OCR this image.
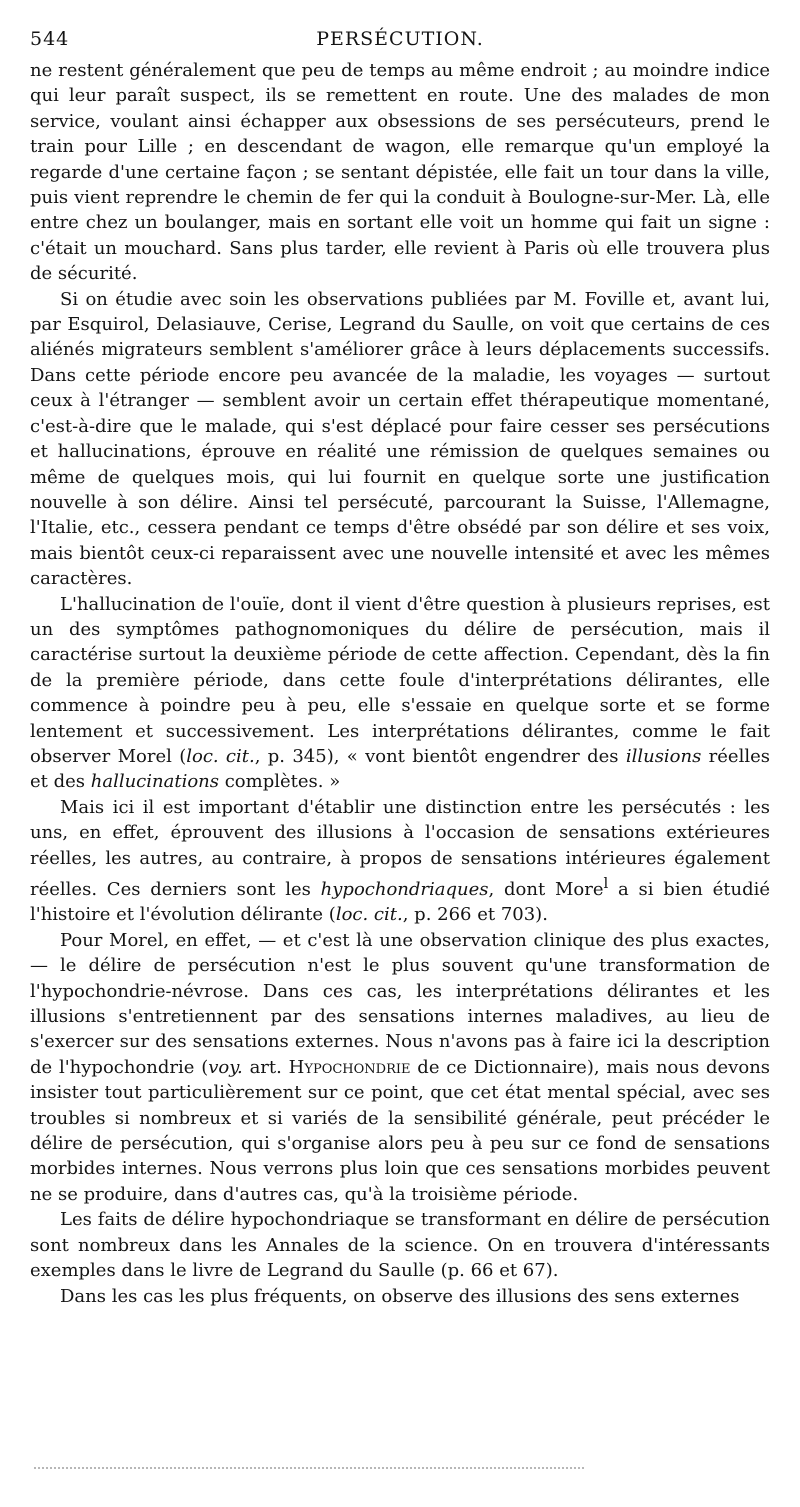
544	PERSÉCUTION.

ne restent généralement que peu de temps au même endroit ; au moindre indice qui leur paraît suspect, ils se remettent en route. Une des malades de mon service, voulant ainsi échapper aux obsessions de ses persécuteurs, prend le train pour Lille ; en descendant de wagon, elle remarque qu'un employé la regarde d'une certaine façon ; se sentant dépistée, elle fait un tour dans la ville, puis vient reprendre le chemin de fer qui la conduit à Boulogne-sur-Mer. Là, elle entre chez un boulanger, mais en sortant elle voit un homme qui fait un signe : c'était un mouchard. Sans plus tarder, elle revient à Paris où elle trouvera plus de sécurité.

Si on étudie avec soin les observations publiées par M. Foville et, avant lui, par Esquirol, Delasiauve, Cerise, Legrand du Saulle, on voit que certains de ces aliénés migrateurs semblent s'améliorer grâce à leurs déplacements successifs. Dans cette période encore peu avancée de la maladie, les voyages — surtout ceux à l'étranger — semblent avoir un certain effet thérapeutique momentané, c'est-à-dire que le malade, qui s'est déplacé pour faire cesser ses persécutions et hallucinations, éprouve en réalité une rémission de quelques semaines ou même de quelques mois, qui lui fournit en quelque sorte une justification nouvelle à son délire. Ainsi tel persécuté, parcourant la Suisse, l'Allemagne, l'Italie, etc., cessera pendant ce temps d'être obsédé par son délire et ses voix, mais bientôt ceux-ci reparaissent avec une nouvelle intensité et avec les mêmes caractères.

L'hallucination de l'ouïe, dont il vient d'être question à plusieurs reprises, est un des symptômes pathognomoniques du délire de persécution, mais il caractérise surtout la deuxième période de cette affection. Cependant, dès la fin de la première période, dans cette foule d'interprétations délirantes, elle commence à poindre peu à peu, elle s'essaie en quelque sorte et se forme lentement et successivement. Les interprétations délirantes, comme le fait observer Morel (loc. cit., p. 345), « vont bientôt engendrer des illusions réelles et des hallucinations complètes. »

Mais ici il est important d'établir une distinction entre les persécutés : les uns, en effet, éprouvent des illusions à l'occasion de sensations extérieures réelles, les autres, au contraire, à propos de sensations intérieures également réelles. Ces derniers sont les hypochondriaques, dont More$^l$ a si bien étudié l'histoire et l'évolution délirante (loc. cit., p. 266 et 703).

Pour Morel, en effet, — et c'est là une observation clinique des plus exactes, — le délire de persécution n'est le plus souvent qu'une transformation de l'hypochondrie-névrose. Dans ces cas, les interprétations délirantes et les illusions s'entretiennent par des sensations internes maladives, au lieu de s'exercer sur des sensations externes. Nous n'avons pas à faire ici la description de l'hypochondrie (voy. art. Hypochondrie de ce Dictionnaire), mais nous devons insister tout particulièrement sur ce point, que cet état mental spécial, avec ses troubles si nombreux et si variés de la sensibilité générale, peut précéder le délire de persécution, qui s'organise alors peu à peu sur ce fond de sensations morbides internes. Nous verrons plus loin que ces sensations morbides peuvent ne se produire, dans d'autres cas, qu'à la troisième période.

Les faits de délire hypochondriaque se transformant en délire de persécution sont nombreux dans les Annales de la science. On en trouvera d'intéressants exemples dans le livre de Legrand du Saulle (p. 66 et 67).

Dans les cas les plus fréquents, on observe des illusions des sens externes
